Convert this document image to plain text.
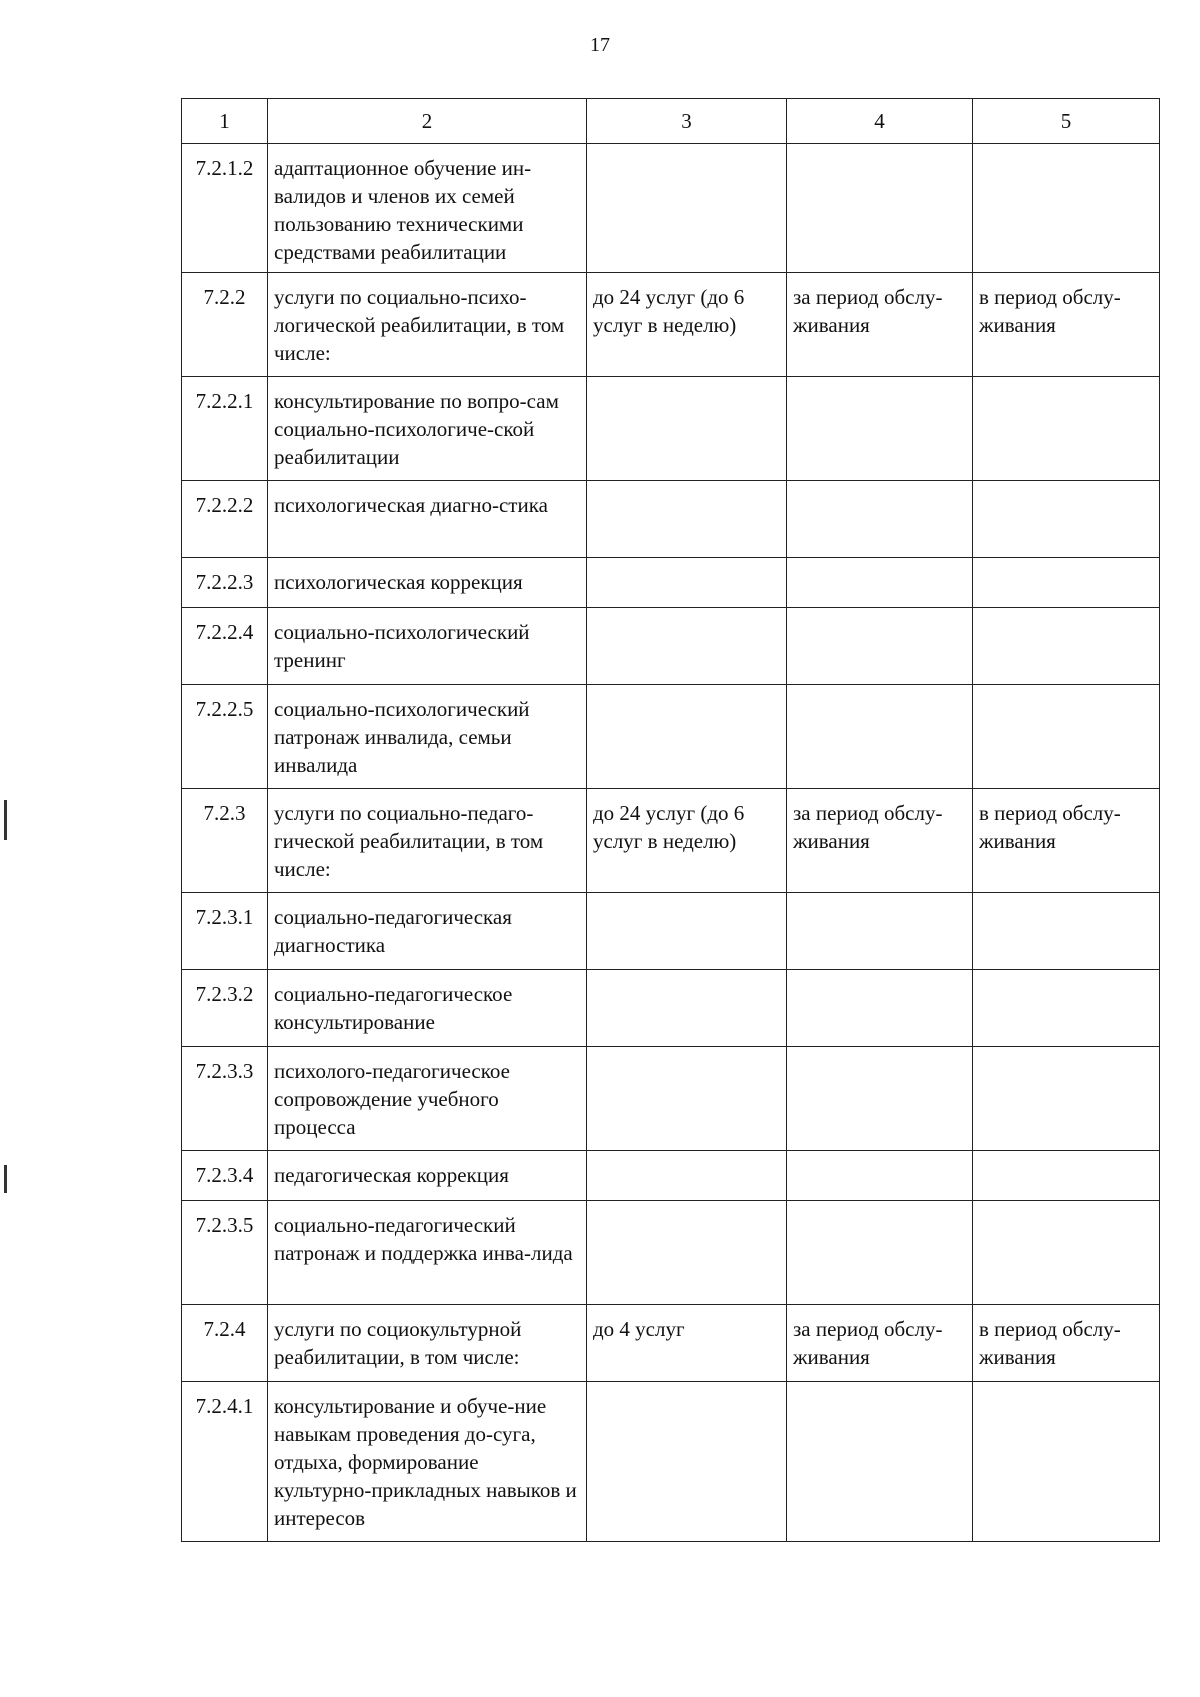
17
1	2	3	4	5
7.2.1.2	адаптационное обучение ин-валидов и членов их семей пользованию техническими средствами реабилитации			
7.2.2	услуги по социально-психо-логической реабилитации, в том числе:	до 24 услуг (до 6 услуг в неделю)	за период обслу-живания	в период обслу-живания
7.2.2.1	консультирование по вопро-сам социально-психологиче-ской реабилитации			
7.2.2.2	психологическая диагно-стика			
7.2.2.3	психологическая коррекция			
7.2.2.4	социально-психологический тренинг			
7.2.2.5	социально-психологический патронаж инвалида, семьи инвалида			
7.2.3	услуги по социально-педаго-гической реабилитации, в том числе:	до 24 услуг (до 6 услуг в неделю)	за период обслу-живания	в период обслу-живания
7.2.3.1	социально-педагогическая диагностика			
7.2.3.2	социально-педагогическое консультирование			
7.2.3.3	психолого-педагогическое сопровождение учебного процесса			
7.2.3.4	педагогическая коррекция			
7.2.3.5	социально-педагогический патронаж и поддержка инва-лида			
7.2.4	услуги по социокультурной реабилитации, в том числе:	до 4 услуг	за период обслу-живания	в период обслу-живания
7.2.4.1	консультирование и обуче-ние навыкам проведения до-суга, отдыха, формирование культурно-прикладных навыков и интересов			
